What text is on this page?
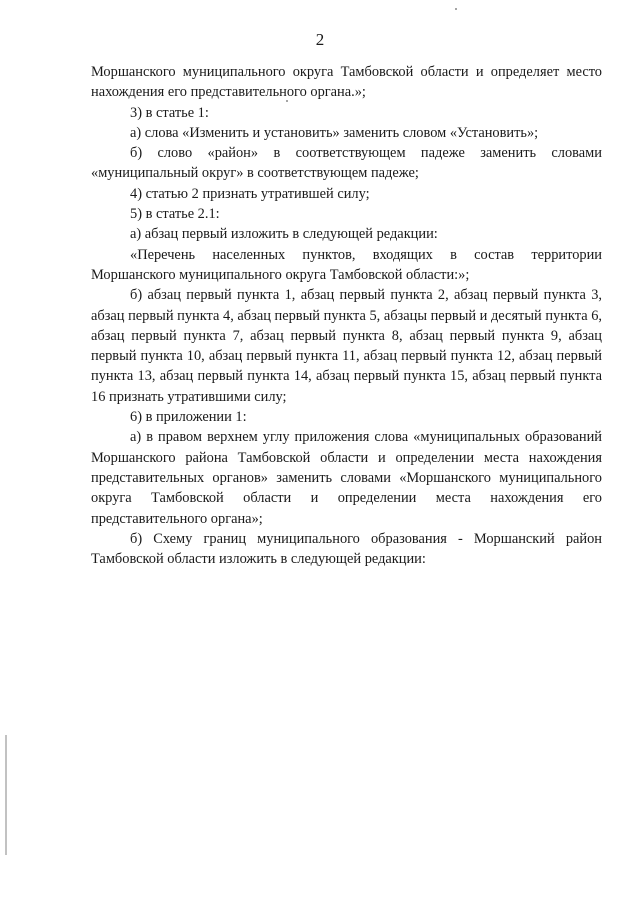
2

Моршанского муниципального округа Тамбовской области и определяет место нахождения его представительного органа.»;

3) в статье 1:

а) слова «Изменить и установить» заменить словом «Установить»;

б) слово «район» в соответствующем падеже заменить словами «муниципальный округ» в соответствующем падеже;

4) статью 2 признать утратившей силу;

5) в статье 2.1:

а) абзац первый изложить в следующей редакции:

«Перечень населенных пунктов, входящих в состав территории Моршанского муниципального округа Тамбовской области:»;

б) абзац первый пункта 1, абзац первый пункта 2, абзац первый пункта 3, абзац первый пункта 4, абзац первый пункта 5, абзацы первый и десятый пункта 6, абзац первый пункта 7, абзац первый пункта 8, абзац первый пункта 9, абзац первый пункта 10, абзац первый пункта 11, абзац первый пункта 12, абзац первый пункта 13, абзац первый пункта 14, абзац первый пункта 15, абзац первый пункта 16 признать утратившими силу;

6) в приложении 1:

а) в правом верхнем углу приложения слова «муниципальных образований Моршанского района Тамбовской области и определении места нахождения представительных органов» заменить словами «Моршанского муниципального округа Тамбовской области и определении места нахождения его представительного органа»;

б) Схему границ муниципального образования - Моршанский район Тамбовской области изложить в следующей редакции:
